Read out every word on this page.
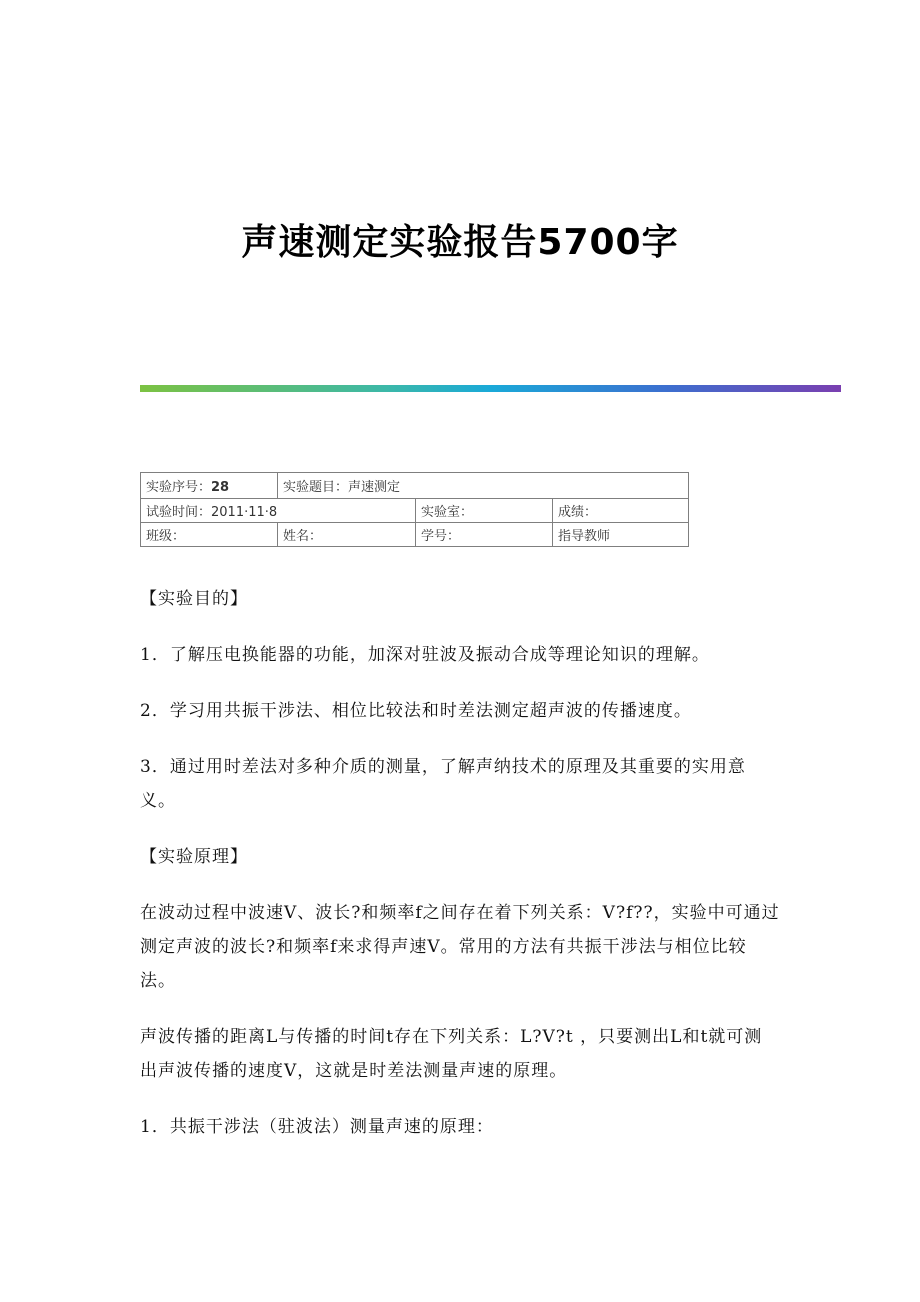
声速测定实验报告5700字
实验序号：28	实验题目：声速测定		
试验时间：2011·11·8		实验室：	成绩：
班级：	姓名：	学号：	指导教师

【实验目的】

1．了解压电换能器的功能，加深对驻波及振动合成等理论知识的理解。

2．学习用共振干涉法、相位比较法和时差法测定超声波的传播速度。

3．通过用时差法对多种介质的测量，了解声纳技术的原理及其重要的实用意义。

【实验原理】

在波动过程中波速V、波长?和频率f之间存在着下列关系：V?f??，实验中可通过测定声波的波长?和频率f来求得声速V。常用的方法有共振干涉法与相位比较法。

声波传播的距离L与传播的时间t存在下列关系：L?V?t ，只要测出L和t就可测出声波传播的速度V，这就是时差法测量声速的原理。

1．共振干涉法（驻波法）测量声速的原理：
